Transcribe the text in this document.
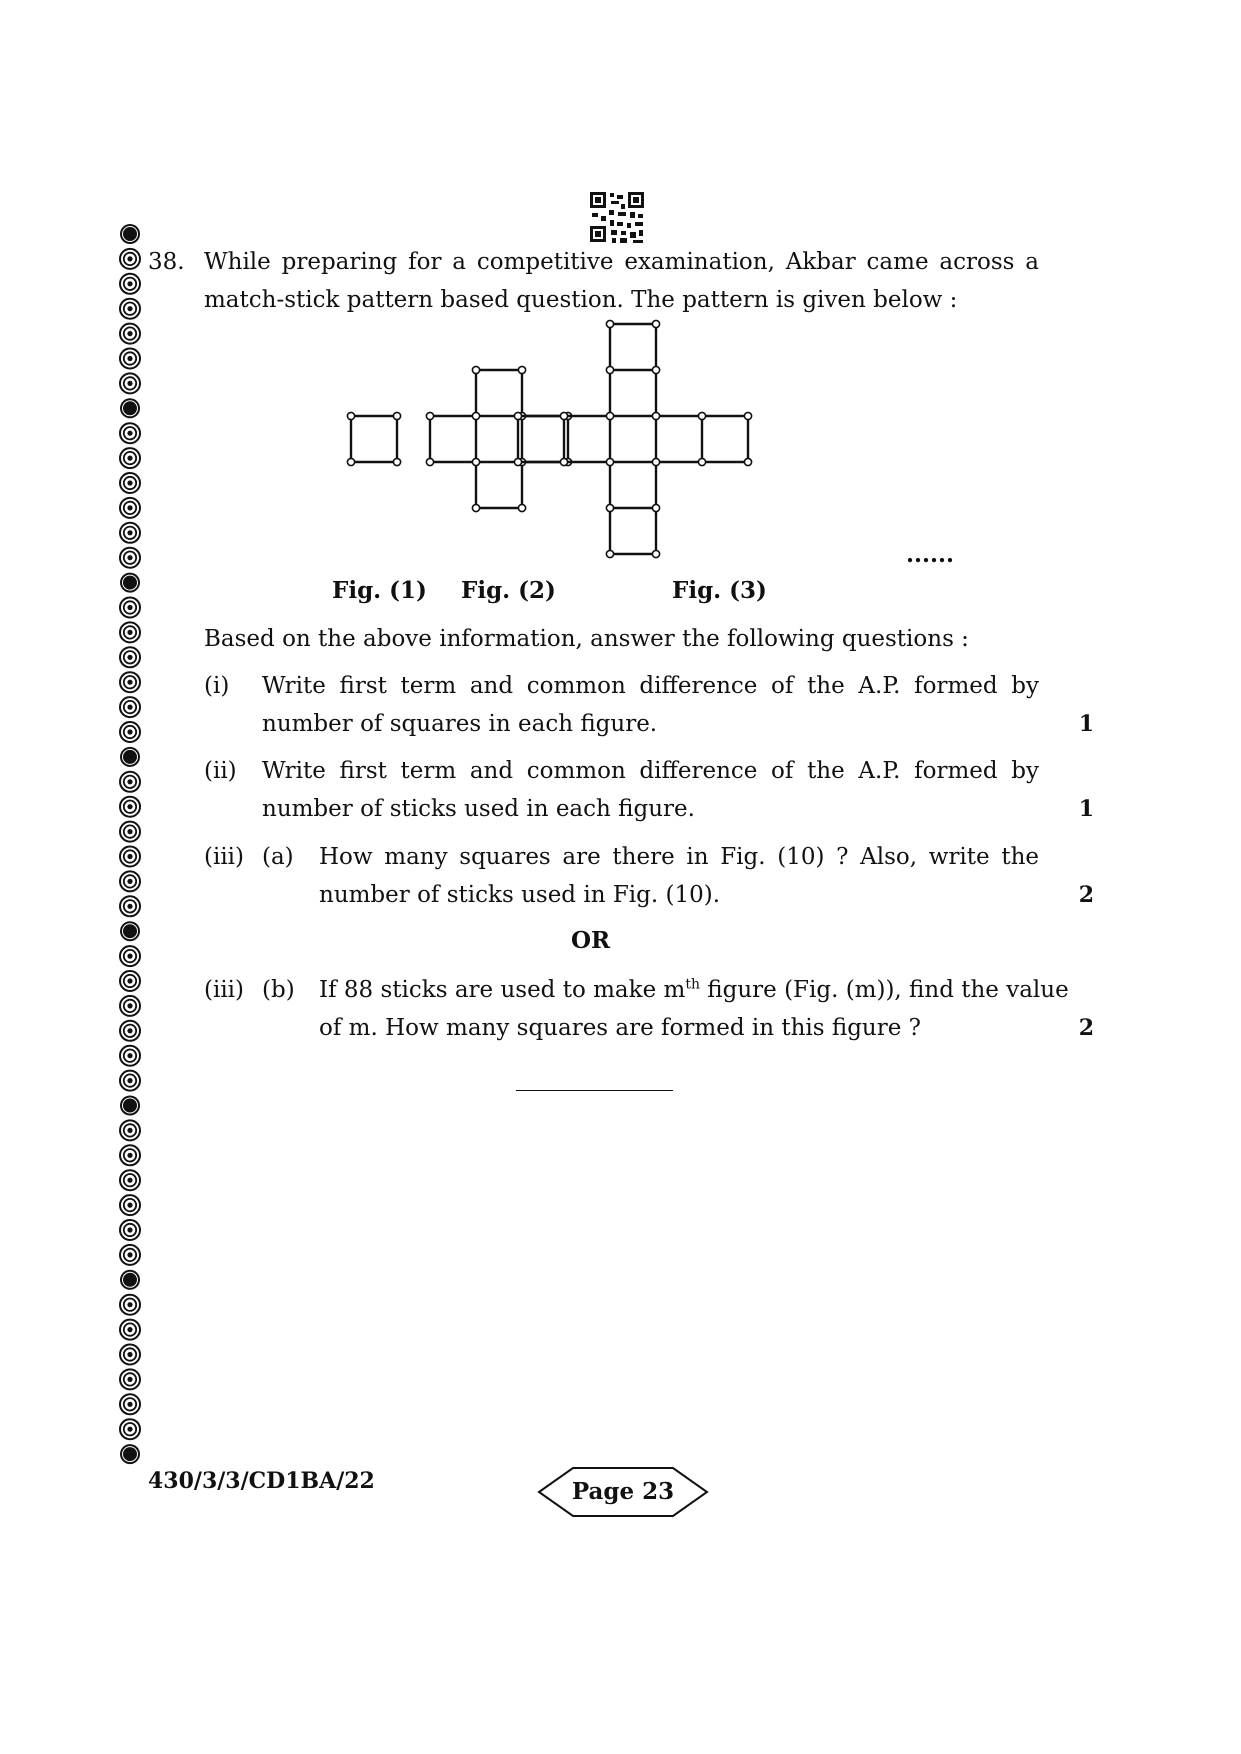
38. While preparing for a competitive examination, Akbar came across a
match-stick pattern based question. The pattern is given below :
Fig. (1) Fig. (2)	Fig. (3)
......
Based on the above information, answer the following questions :
(i) Write first term and common difference of the A.P. formed by
number of squares in each figure.	1
(ii) Write first term and common difference of the A.P. formed by
number of sticks used in each figure.	1
(iii) (a) How many squares are there in Fig. (10) ? Also, write the
number of sticks used in Fig. (10).	2
OR
(iii) (b) If 88 sticks are used to make $m^{th}$ figure (Fig. (m)), find the value
of m. How many squares are formed in this figure ?	2
430/3/3/CD1BA/22	Page 23
